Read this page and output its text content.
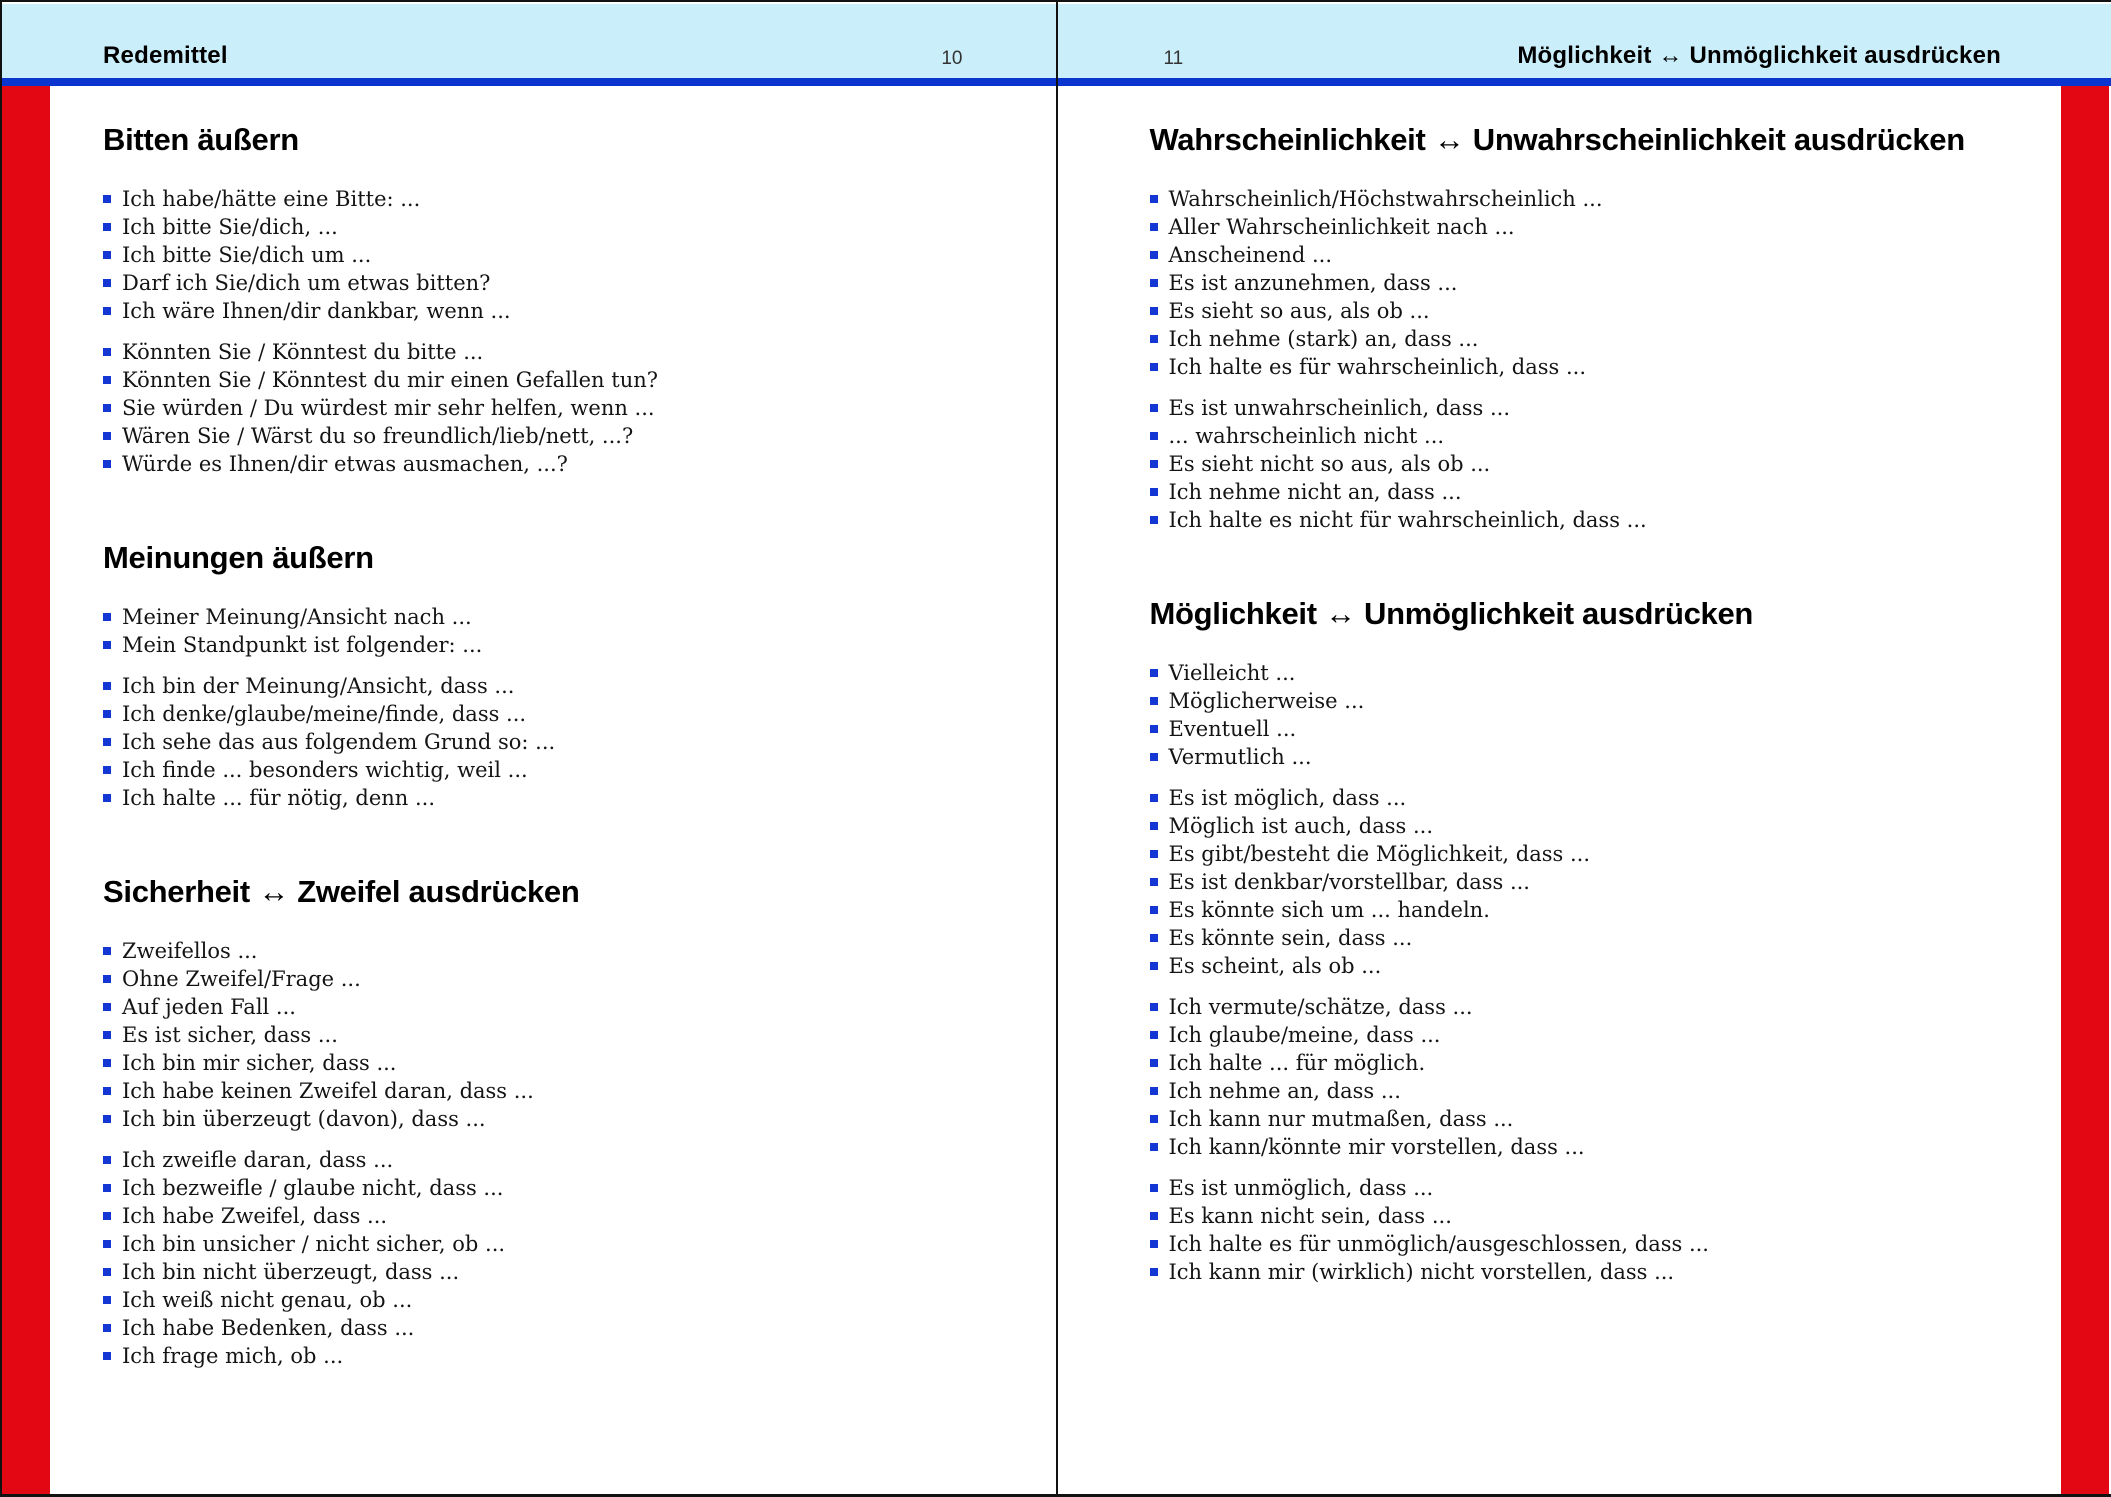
Redemittel	10
Bitten äußern
Ich habe/hätte eine Bitte: ...
Ich bitte Sie/dich, ...
Ich bitte Sie/dich um ...
Darf ich Sie/dich um etwas bitten?
Ich wäre Ihnen/dir dankbar, wenn ...
Könnten Sie / Könntest du bitte ...
Könnten Sie / Könntest du mir einen Gefallen tun?
Sie würden / Du würdest mir sehr helfen, wenn ...
Wären Sie / Wärst du so freundlich/lieb/nett, ...?
Würde es Ihnen/dir etwas ausmachen, ...?
Meinungen äußern
Meiner Meinung/Ansicht nach ...
Mein Standpunkt ist folgender: ...
Ich bin der Meinung/Ansicht, dass ...
Ich denke/glaube/meine/finde, dass ...
Ich sehe das aus folgendem Grund so: ...
Ich finde ... besonders wichtig, weil ...
Ich halte ... für nötig, denn ...
Sicherheit ↔ Zweifel ausdrücken
Zweifellos ...
Ohne Zweifel/Frage ...
Auf jeden Fall ...
Es ist sicher, dass ...
Ich bin mir sicher, dass ...
Ich habe keinen Zweifel daran, dass ...
Ich bin überzeugt (davon), dass ...
Ich zweifle daran, dass ...
Ich bezweifle / glaube nicht, dass ...
Ich habe Zweifel, dass ...
Ich bin unsicher / nicht sicher, ob ...
Ich bin nicht überzeugt, dass ...
Ich weiß nicht genau, ob ...
Ich habe Bedenken, dass ...
Ich frage mich, ob ...
11	Möglichkeit ↔ Unmöglichkeit ausdrücken
Wahrscheinlichkeit ↔ Unwahrscheinlichkeit ausdrücken
Wahrscheinlich/Höchstwahrscheinlich ...
Aller Wahrscheinlichkeit nach ...
Anscheinend ...
Es ist anzunehmen, dass ...
Es sieht so aus, als ob ...
Ich nehme (stark) an, dass ...
Ich halte es für wahrscheinlich, dass ...
Es ist unwahrscheinlich, dass ...
... wahrscheinlich nicht ...
Es sieht nicht so aus, als ob ...
Ich nehme nicht an, dass ...
Ich halte es nicht für wahrscheinlich, dass ...
Möglichkeit ↔ Unmöglichkeit ausdrücken
Vielleicht ...
Möglicherweise ...
Eventuell ...
Vermutlich ...
Es ist möglich, dass ...
Möglich ist auch, dass ...
Es gibt/besteht die Möglichkeit, dass ...
Es ist denkbar/vorstellbar, dass ...
Es könnte sich um ... handeln.
Es könnte sein, dass ...
Es scheint, als ob ...
Ich vermute/schätze, dass ...
Ich glaube/meine, dass ...
Ich halte ... für möglich.
Ich nehme an, dass ...
Ich kann nur mutmaßen, dass ...
Ich kann/könnte mir vorstellen, dass ...
Es ist unmöglich, dass ...
Es kann nicht sein, dass ...
Ich halte es für unmöglich/ausgeschlossen, dass ...
Ich kann mir (wirklich) nicht vorstellen, dass ...
